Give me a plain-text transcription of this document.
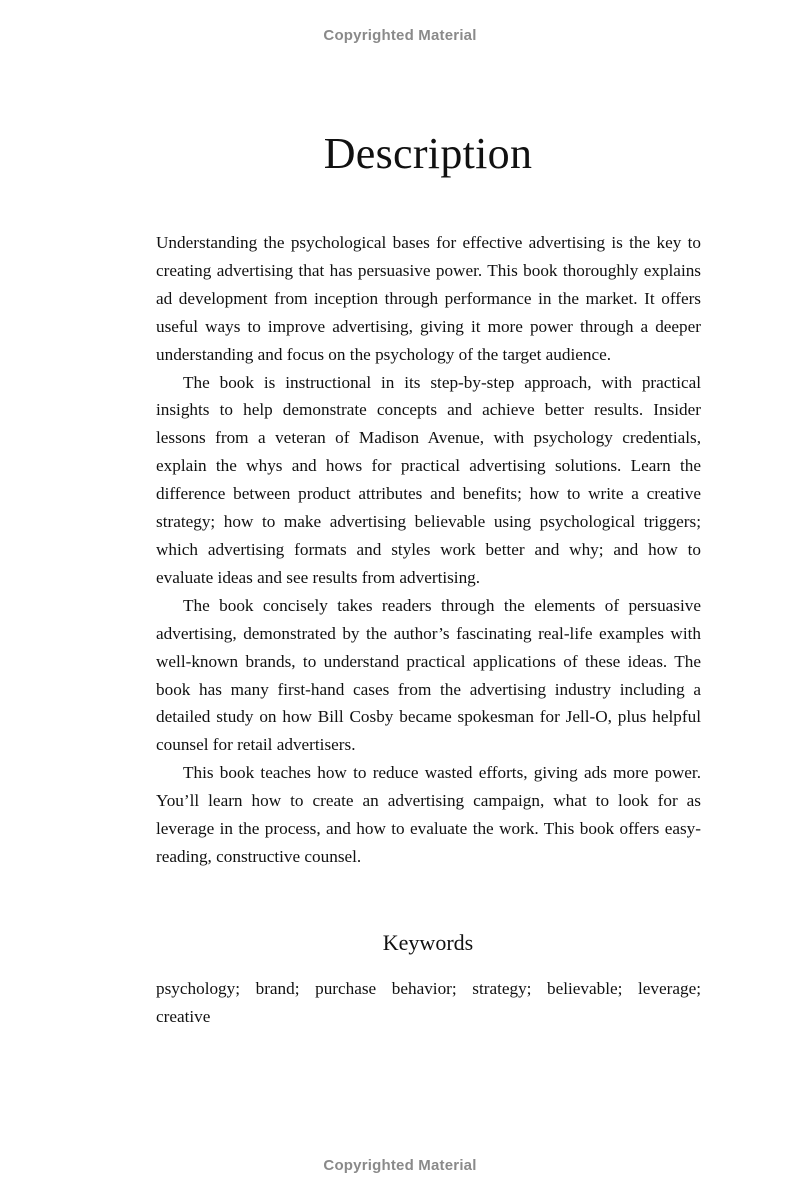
Copyrighted Material
Description

Understanding the psychological bases for effective advertising is the key to creating advertising that has persuasive power. This book thoroughly explains ad development from inception through performance in the market. It offers useful ways to improve advertising, giving it more power through a deeper understanding and focus on the psychology of the target audience.

The book is instructional in its step-by-step approach, with practical insights to help demonstrate concepts and achieve better results. Insider lessons from a veteran of Madison Avenue, with psychology credentials, explain the whys and hows for practical advertising solutions. Learn the difference between product attributes and benefits; how to write a creative strategy; how to make advertising believable using psychological triggers; which advertising formats and styles work better and why; and how to evaluate ideas and see results from advertising.

The book concisely takes readers through the elements of persuasive advertising, demonstrated by the author’s fascinating real-life examples with well-known brands, to understand practical applications of these ideas. The book has many first-hand cases from the advertising industry including a detailed study on how Bill Cosby became spokesman for Jell-O, plus helpful counsel for retail advertisers.

This book teaches how to reduce wasted efforts, giving ads more power. You’ll learn how to create an advertising campaign, what to look for as leverage in the process, and how to evaluate the work. This book offers easy-reading, constructive counsel.

Keywords

psychology; brand; purchase behavior; strategy; believable; leverage; creative

Copyrighted Material
